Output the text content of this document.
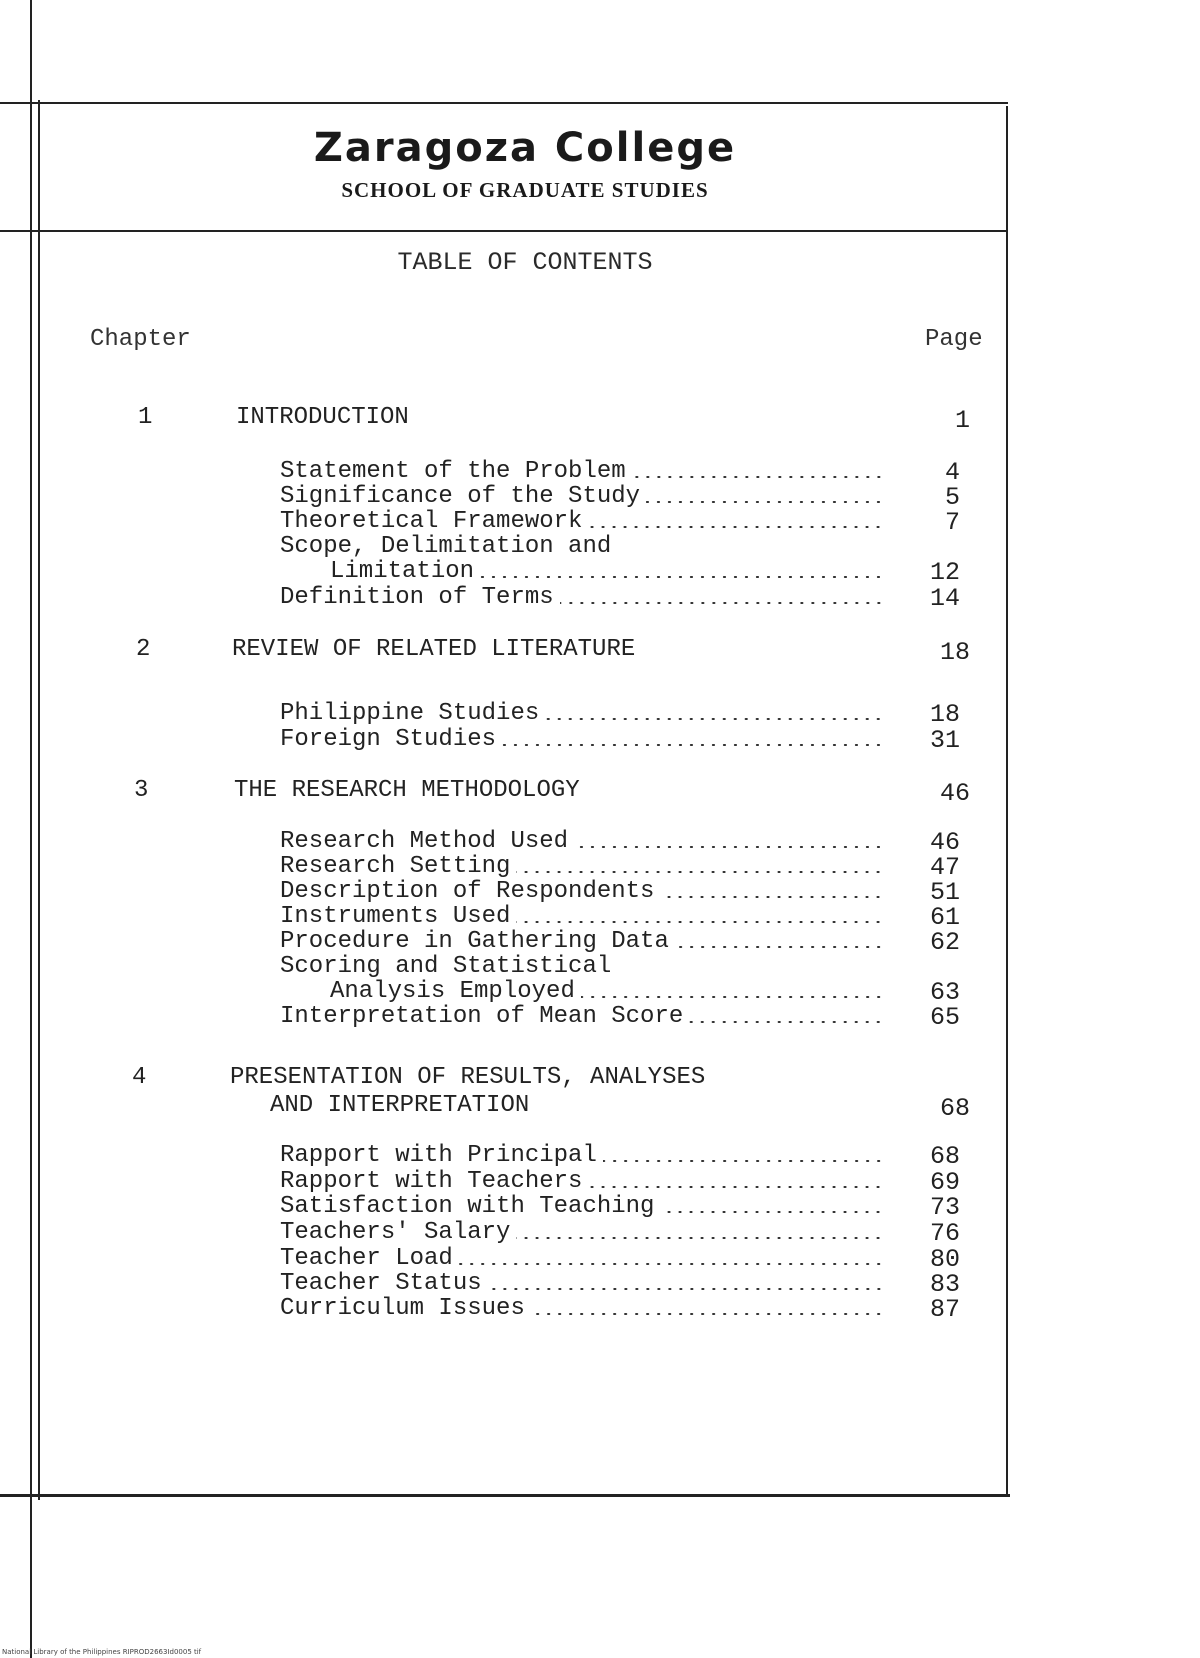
Zaragoza College
SCHOOL OF GRADUATE STUDIES
TABLE OF CONTENTS
Chapter	Page
1	INTRODUCTION	1
Statement of the Problem	4
Significance of the Study	5
Theoretical Framework	7
Scope, Delimitation and
Limitation	12
Definition of Terms	14
2	REVIEW OF RELATED LITERATURE	18
Philippine Studies	18
Foreign Studies	31
3	THE RESEARCH METHODOLOGY	46
Research Method Used	46
Research Setting	47
Description of Respondents	51
Instruments Used	61
Procedure in Gathering Data	62
Scoring and Statistical
Analysis Employed	63
Interpretation of Mean Score	65
4	PRESENTATION OF RESULTS, ANALYSES
AND INTERPRETATION	68
Rapport with Principal	68
Rapport with Teachers	69
Satisfaction with Teaching	73
Teachers' Salary	76
Teacher Load	80
Teacher Status	83
Curriculum Issues	87
National Library of the Philippines RIPROD2663Id0005 tif
